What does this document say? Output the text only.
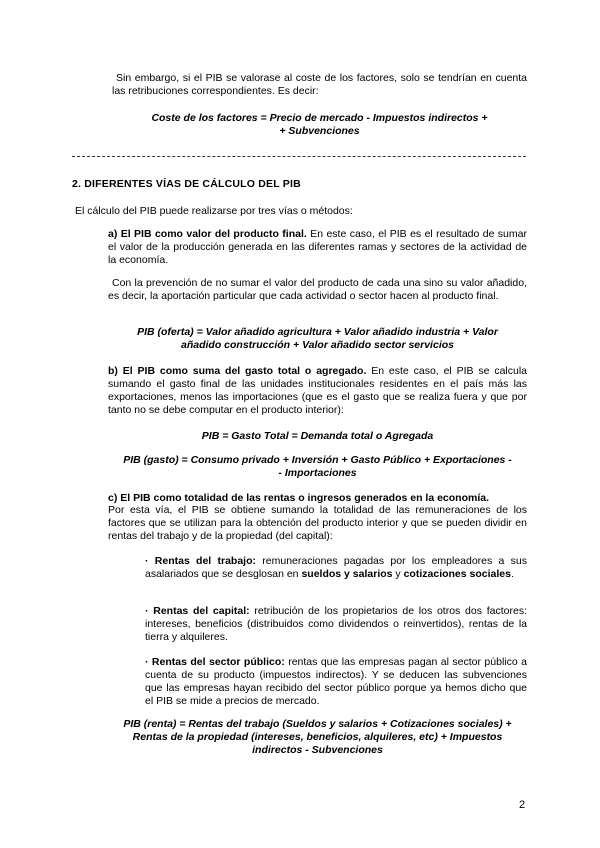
Sin embargo, si el PIB se valorase al coste de los factores, solo se tendrían en cuenta las retribuciones correspondientes. Es decir:

Coste de los factores = Precio de mercado - Impuestos indirectos +
+ Subvenciones
2. DIFERENTES VÍAS DE CÁLCULO DEL PIB

El cálculo del PIB puede realizarse por tres vías o métodos:

a) El PIB como valor del producto final. En este caso, el PIB es el resultado de sumar el valor de la producción generada en las diferentes ramas y sectores de la actividad de la economía.

Con la prevención de no sumar el valor del producto de cada una sino su valor añadido, es decir, la aportación particular que cada actividad o sector hacen al producto final.

PIB (oferta) = Valor añadido agricultura + Valor añadido industria + Valor
añadido construcción + Valor añadido sector servicios

b) El PIB como suma del gasto total o agregado. En este caso, el PIB se calcula sumando el gasto final de las unidades institucionales residentes en el país más las exportaciones, menos las importaciones (que es el gasto que se realiza fuera y que por tanto no se debe computar en el producto interior):

PIB = Gasto Total = Demanda total o Agregada
PIB (gasto) = Consumo privado + Inversión + Gasto Público + Exportaciones -
- Importaciones

c) El PIB como totalidad de las rentas o ingresos generados en la economía.

Por esta vía, el PIB se obtiene sumando la totalidad de las remuneraciones de los factores que se utilizan para la obtención del producto interior y que se pueden dividir en rentas del trabajo y de la propiedad (del capital):

· Rentas del trabajo: remuneraciones pagadas por los empleadores a sus asalariados que se desglosan en sueldos y salarios y cotizaciones sociales.

· Rentas del capital: retribución de los propietarios de los otros dos factores: intereses, beneficios (distribuidos como dividendos o reinvertidos), rentas de la tierra y alquileres.

· Rentas del sector público: rentas que las empresas pagan al sector público a cuenta de su producto (impuestos indirectos). Y se deducen las subvenciones que las empresas hayan recibido del sector público porque ya hemos dicho que el PIB se mide a precios de mercado.

PIB (renta) = Rentas del trabajo (Sueldos y salarios + Cotizaciones sociales) +
Rentas de la propiedad (intereses, beneficios, alquileres, etc) + Impuestos
indirectos - Subvenciones
2
